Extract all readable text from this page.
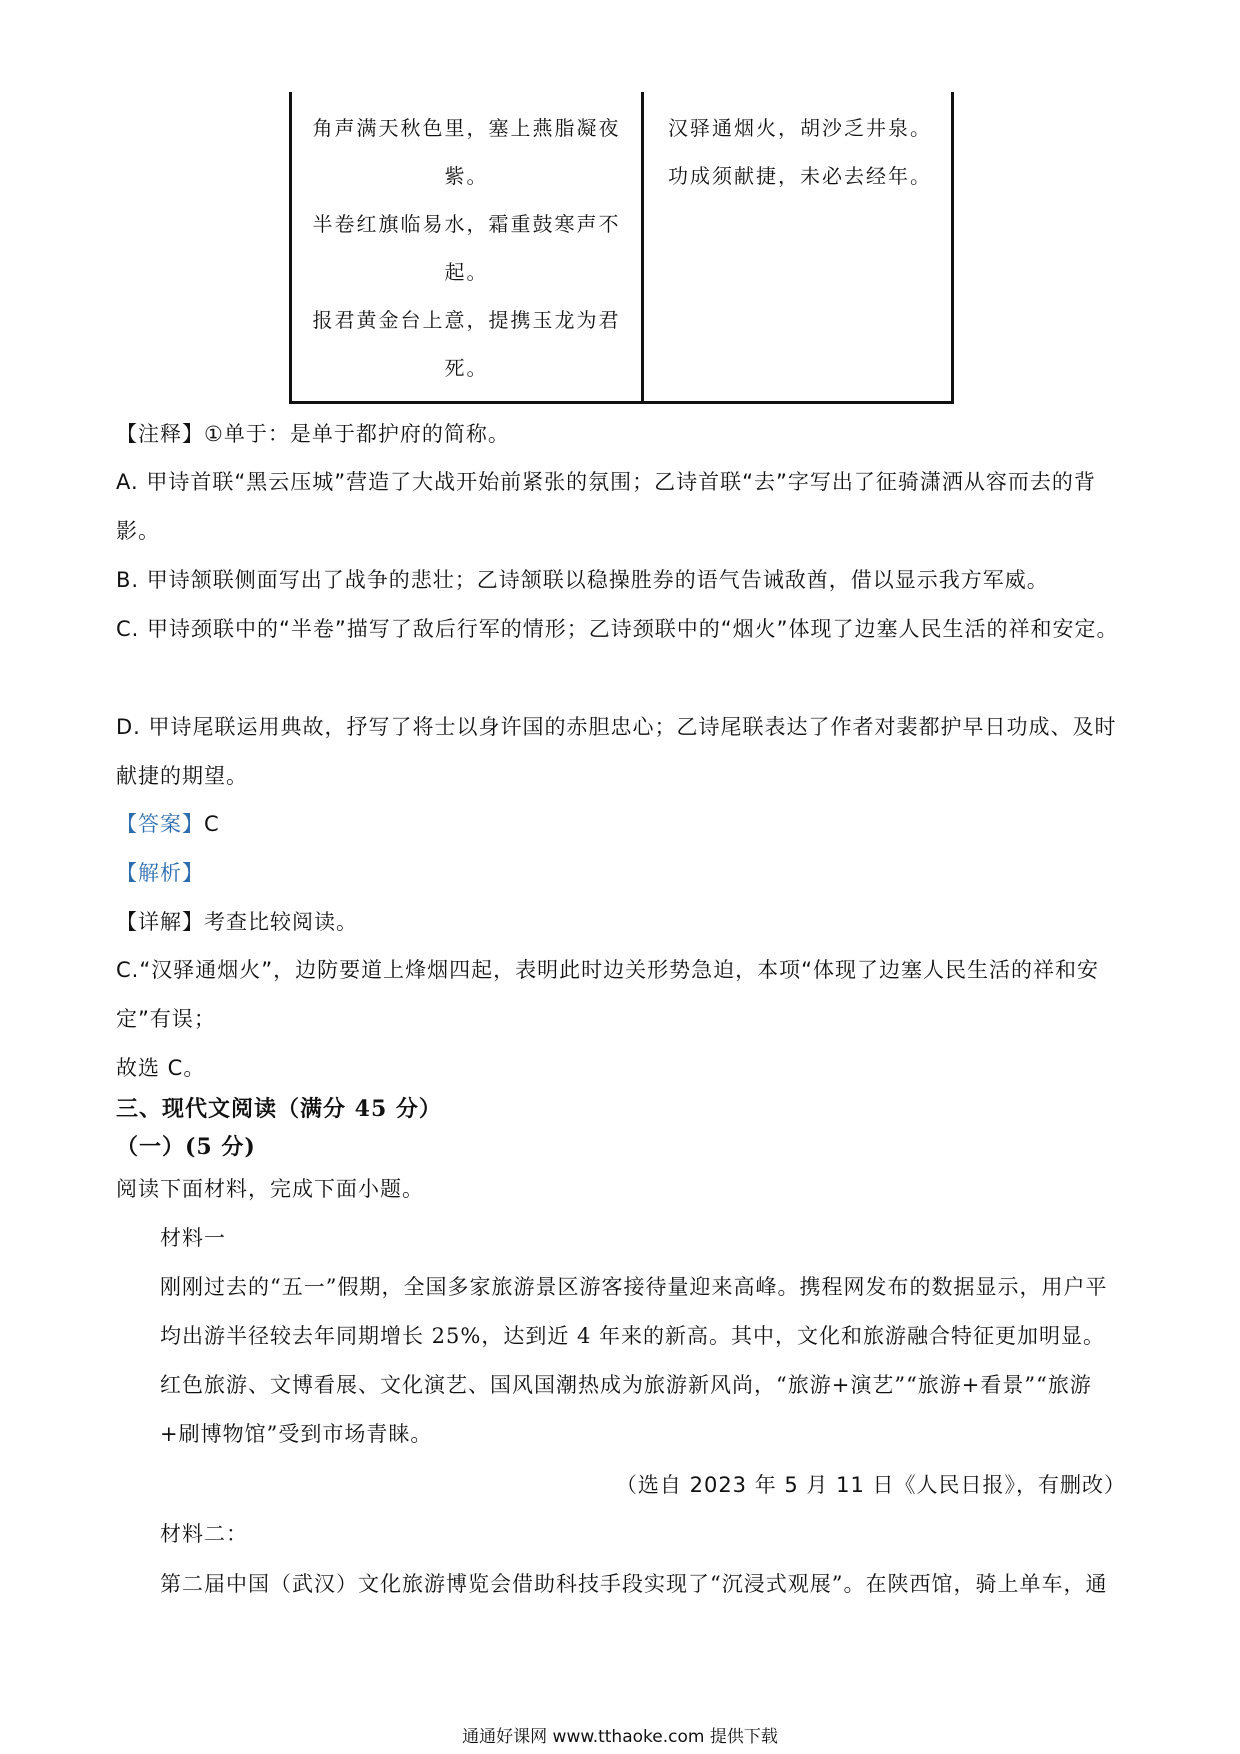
角声满天秋色里，塞上燕脂凝夜
紫。
半卷红旗临易水，霜重鼓寒声不
起。
报君黄金台上意，提携玉龙为君
死。
汉驿通烟火，胡沙乏井泉。
功成须献捷，未必去经年。
【注释】①单于：是单于都护府的简称。
A. 甲诗首联“黑云压城”营造了大战开始前紧张的氛围；乙诗首联“去”字写出了征骑潇洒从容而去的背影。
B. 甲诗颔联侧面写出了战争的悲壮；乙诗颔联以稳操胜券的语气告诫敌酋，借以显示我方军威。
C. 甲诗颈联中的“半卷”描写了敌后行军的情形；乙诗颈联中的“烟火”体现了边塞人民生活的祥和安定。
D. 甲诗尾联运用典故，抒写了将士以身许国的赤胆忠心；乙诗尾联表达了作者对裴都护早日功成、及时献捷的期望。
【答案】C
【解析】
【详解】考查比较阅读。
C.“汉驿通烟火”，边防要道上烽烟四起，表明此时边关形势急迫，本项“体现了边塞人民生活的祥和安定”有误；
故选 C。
三、现代文阅读（满分 45 分）
（一）(5 分)
阅读下面材料，完成下面小题。
材料一
刚刚过去的“五一”假期，全国多家旅游景区游客接待量迎来高峰。携程网发布的数据显示，用户平均出游半径较去年同期增长 25%，达到近 4 年来的新高。其中，文化和旅游融合特征更加明显。红色旅游、文博看展、文化演艺、国风国潮热成为旅游新风尚，“旅游+演艺”“旅游+看景”“旅游+刷博物馆”受到市场青睐。
（选自 2023 年 5 月 11 日《人民日报》，有删改）
材料二：
第二届中国（武汉）文化旅游博览会借助科技手段实现了“沉浸式观展”。在陕西馆，骑上单车，通
通通好课网 www.tthaoke.com 提供下载
